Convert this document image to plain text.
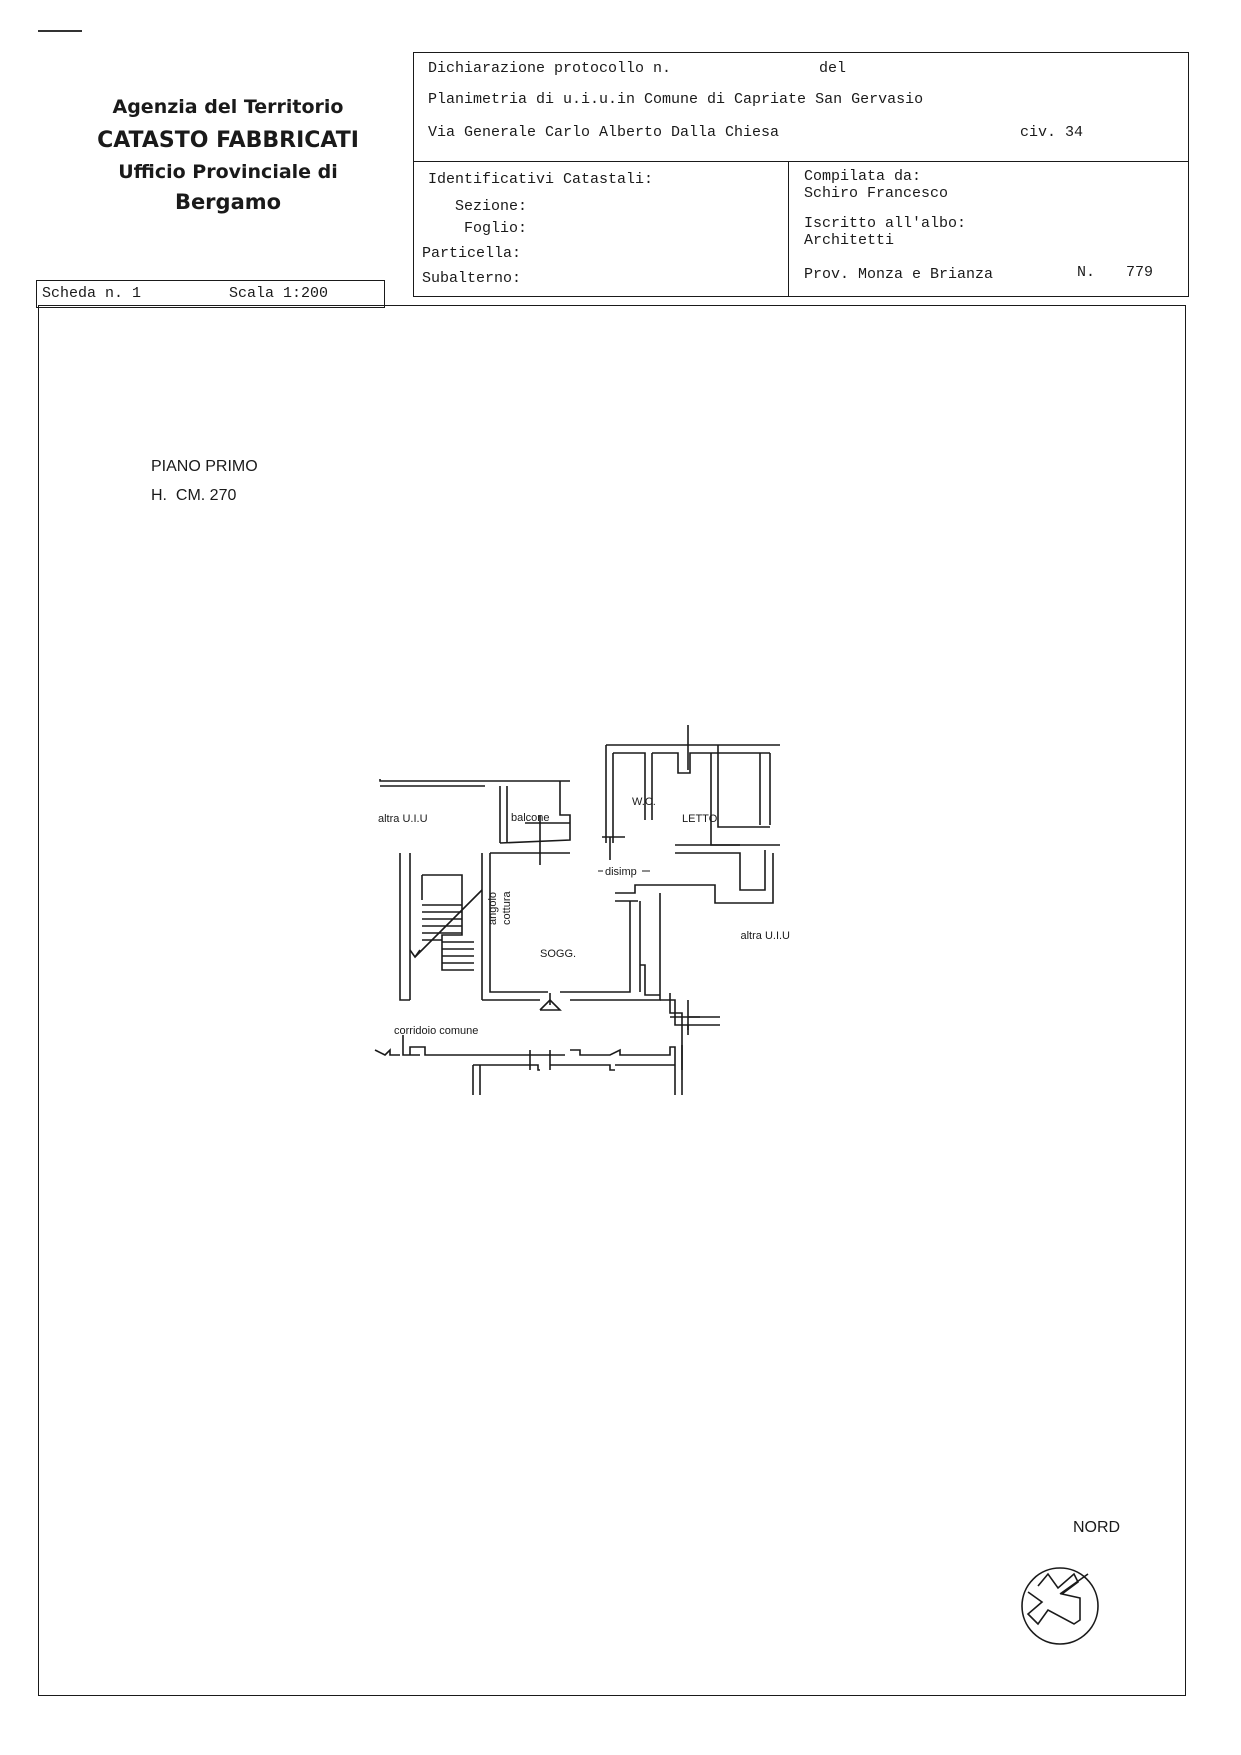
Agenzia del Territorio
CATASTO FABBRICATI
Ufficio Provinciale di
Bergamo
Dichiarazione protocollo n.	del
Planimetria di u.i.u.in Comune di Capriate San Gervasio
Via Generale Carlo Alberto Dalla Chiesa	civ. 34
Identificativi Catastali:
Sezione:
Foglio:
Particella:
Subalterno:
Compilata da:
Schiro Francesco
Iscritto all'albo:
Architetti
Prov. Monza e Brianza	N. 779
Scheda n. 1	Scala 1:200
PIANO PRIMO
H.  CM. 270
altra U.I.U	balcone
W.C.
LETTO
disimp
angolo cottura
SOGG.
altra U.I.U
corridoio comune
NORD
